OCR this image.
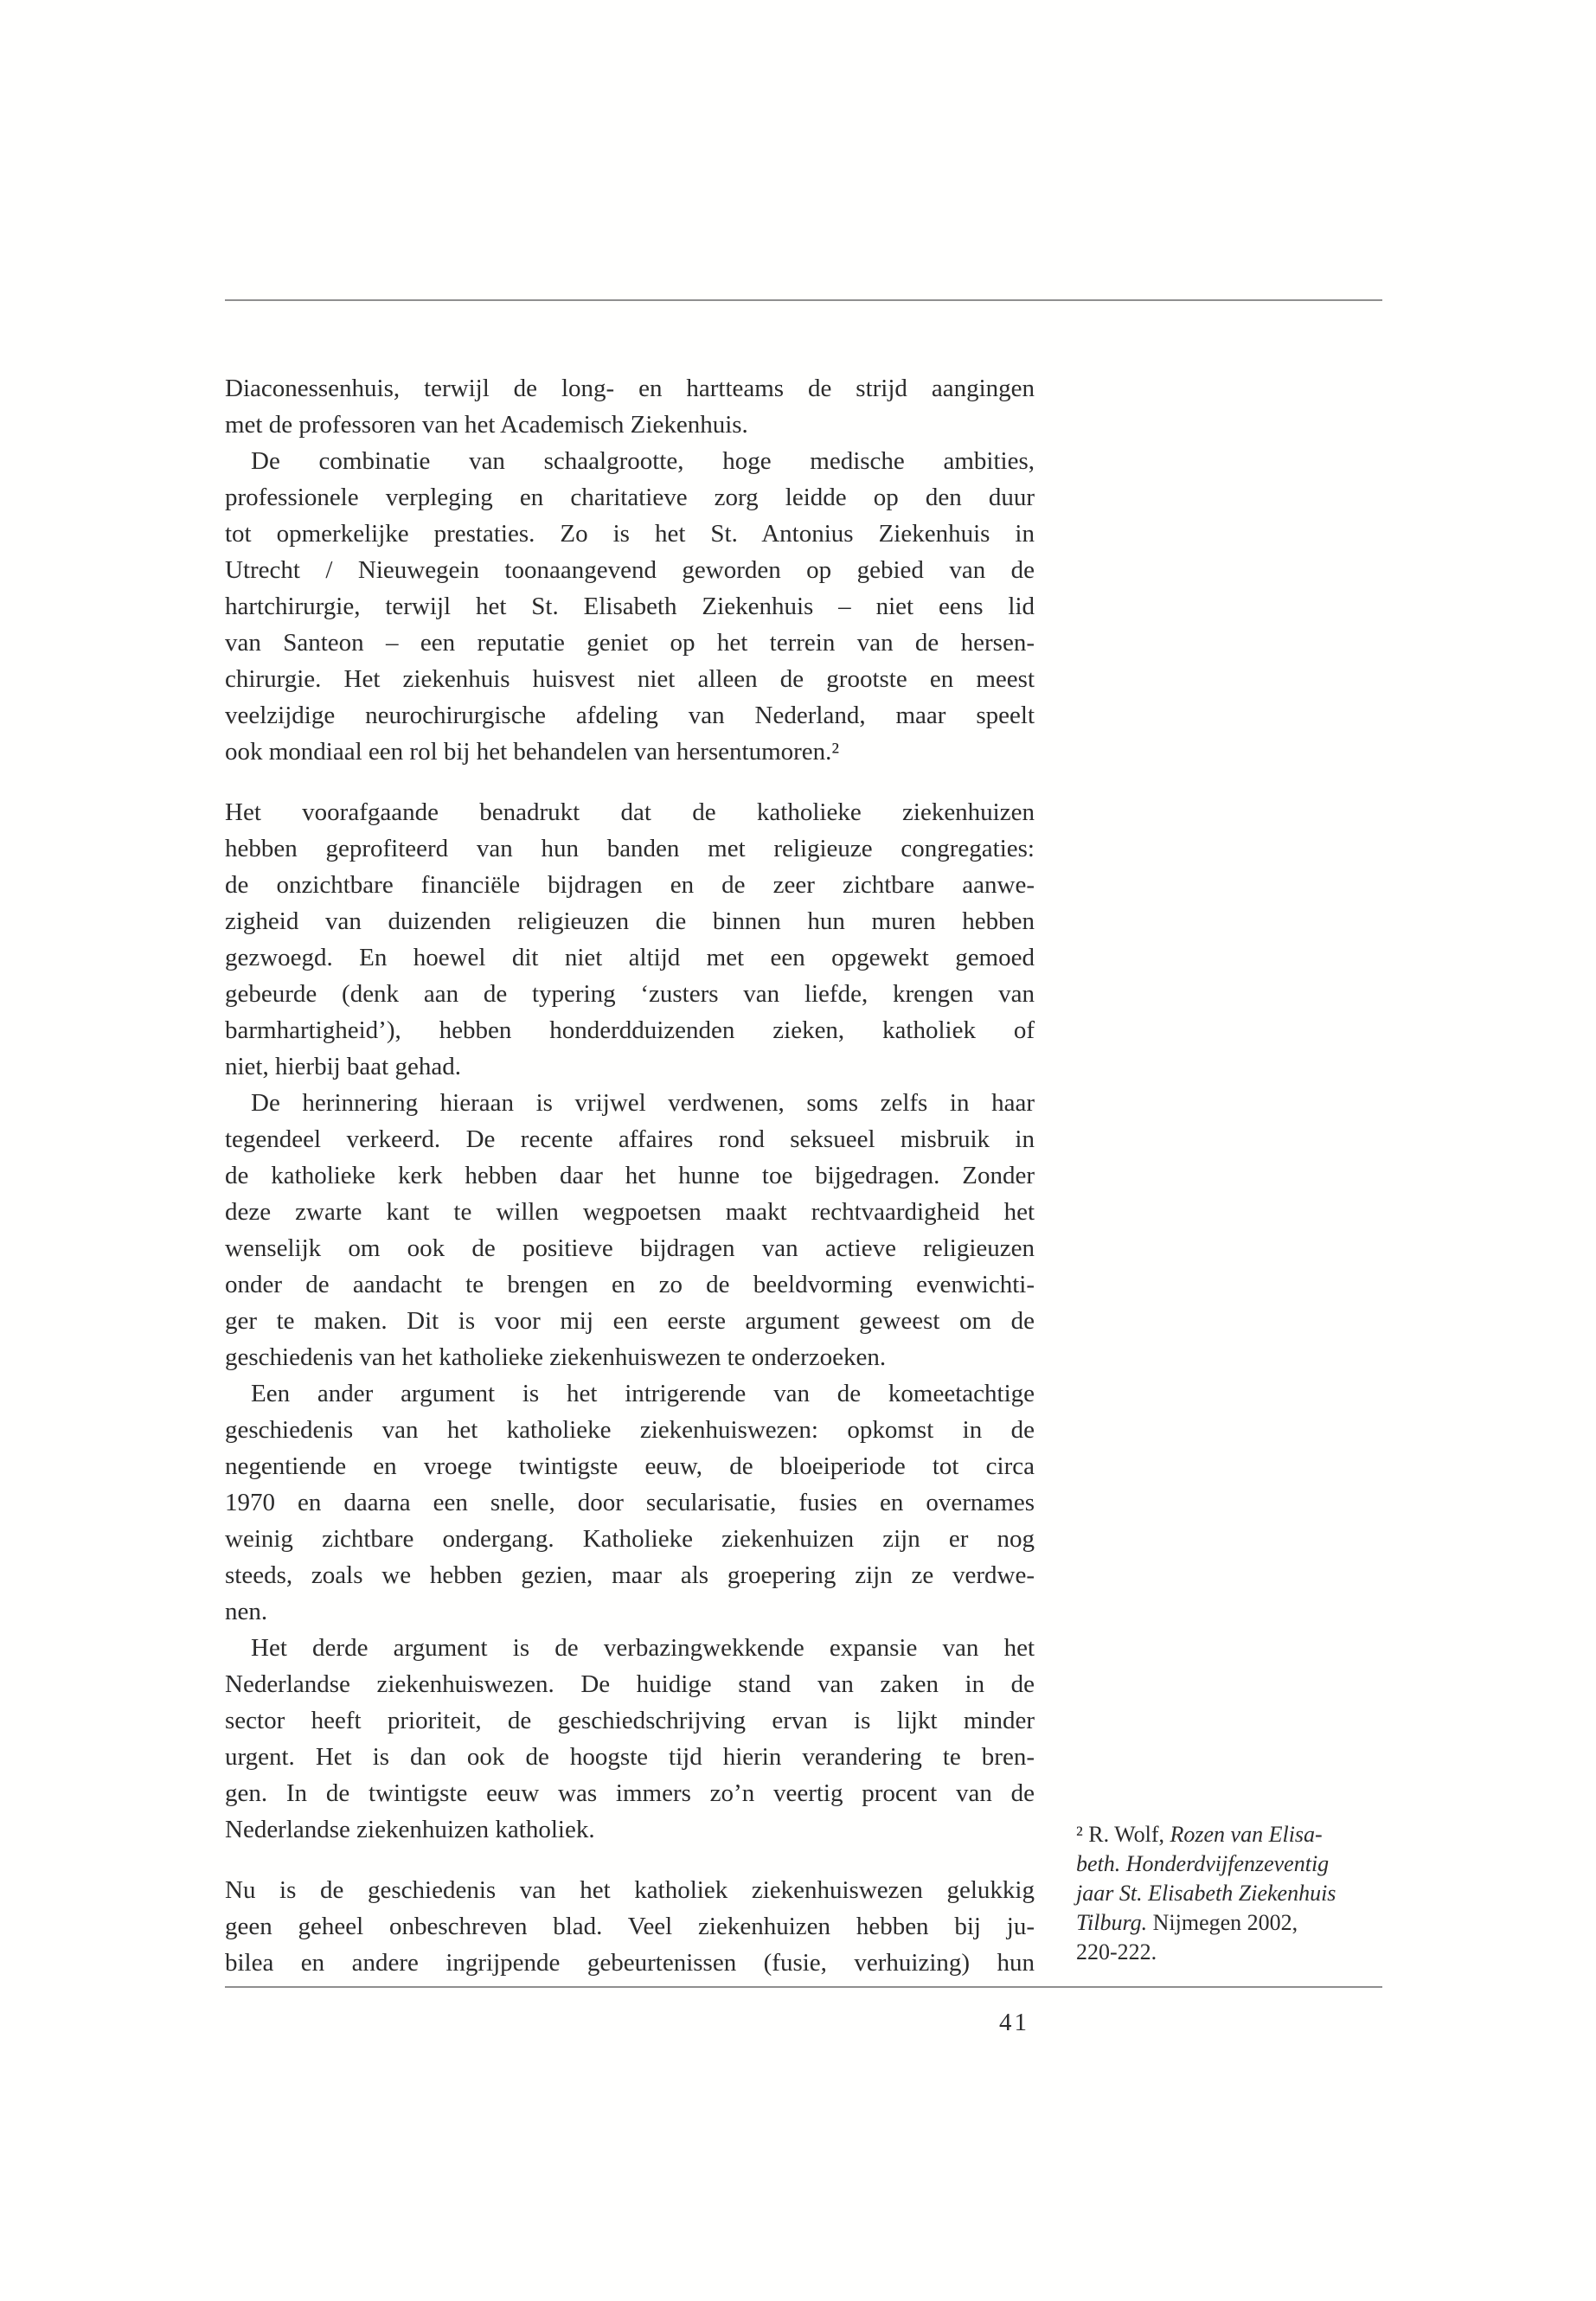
Diaconessenhuis, terwijl de long- en hartteams de strijd aangingen
met de professoren van het Academisch Ziekenhuis.
De combinatie van schaalgrootte, hoge medische ambities,
professionele verpleging en charitatieve zorg leidde op den duur
tot opmerkelijke prestaties. Zo is het St. Antonius Ziekenhuis in
Utrecht / Nieuwegein toonaangevend geworden op gebied van de
hartchirurgie, terwijl het St. Elisabeth Ziekenhuis – niet eens lid
van Santeon – een reputatie geniet op het terrein van de hersen-
chirurgie. Het ziekenhuis huisvest niet alleen de grootste en meest
veelzijdige neurochirurgische afdeling van Nederland, maar speelt
ook mondiaal een rol bij het behandelen van hersentumoren.²
Het voorafgaande benadrukt dat de katholieke ziekenhuizen
hebben geprofiteerd van hun banden met religieuze congregaties:
de onzichtbare financiële bijdragen en de zeer zichtbare aanwe-
zigheid van duizenden religieuzen die binnen hun muren hebben
gezwoegd. En hoewel dit niet altijd met een opgewekt gemoed
gebeurde (denk aan de typering ‘zusters van liefde, krengen van
barmhartigheid’), hebben honderdduizenden zieken, katholiek of
niet, hierbij baat gehad.
De herinnering hieraan is vrijwel verdwenen, soms zelfs in haar
tegendeel verkeerd. De recente affaires rond seksueel misbruik in
de katholieke kerk hebben daar het hunne toe bijgedragen. Zonder
deze zwarte kant te willen wegpoetsen maakt rechtvaardigheid het
wenselijk om ook de positieve bijdragen van actieve religieuzen
onder de aandacht te brengen en zo de beeldvorming evenwichti-
ger te maken. Dit is voor mij een eerste argument geweest om de
geschiedenis van het katholieke ziekenhuiswezen te onderzoeken.
Een ander argument is het intrigerende van de komeetachtige
geschiedenis van het katholieke ziekenhuiswezen: opkomst in de
negentiende en vroege twintigste eeuw, de bloeiperiode tot circa
1970 en daarna een snelle, door secularisatie, fusies en overnames
weinig zichtbare ondergang. Katholieke ziekenhuizen zijn er nog
steeds, zoals we hebben gezien, maar als groepering zijn ze verdwe-
nen.
Het derde argument is de verbazingwekkende expansie van het
Nederlandse ziekenhuiswezen. De huidige stand van zaken in de
sector heeft prioriteit, de geschiedschrijving ervan is lijkt minder
urgent. Het is dan ook de hoogste tijd hierin verandering te bren-
gen. In de twintigste eeuw was immers zo’n veertig procent van de
Nederlandse ziekenhuizen katholiek.
Nu is de geschiedenis van het katholiek ziekenhuiswezen gelukkig
geen geheel onbeschreven blad. Veel ziekenhuizen hebben bij ju-
bilea en andere ingrijpende gebeurtenissen (fusie, verhuizing) hun
² R. Wolf, Rozen van Elisa-
beth. Honderdvijfenzeventig
jaar St. Elisabeth Ziekenhuis
Tilburg. Nijmegen 2002,
220-222.
41
